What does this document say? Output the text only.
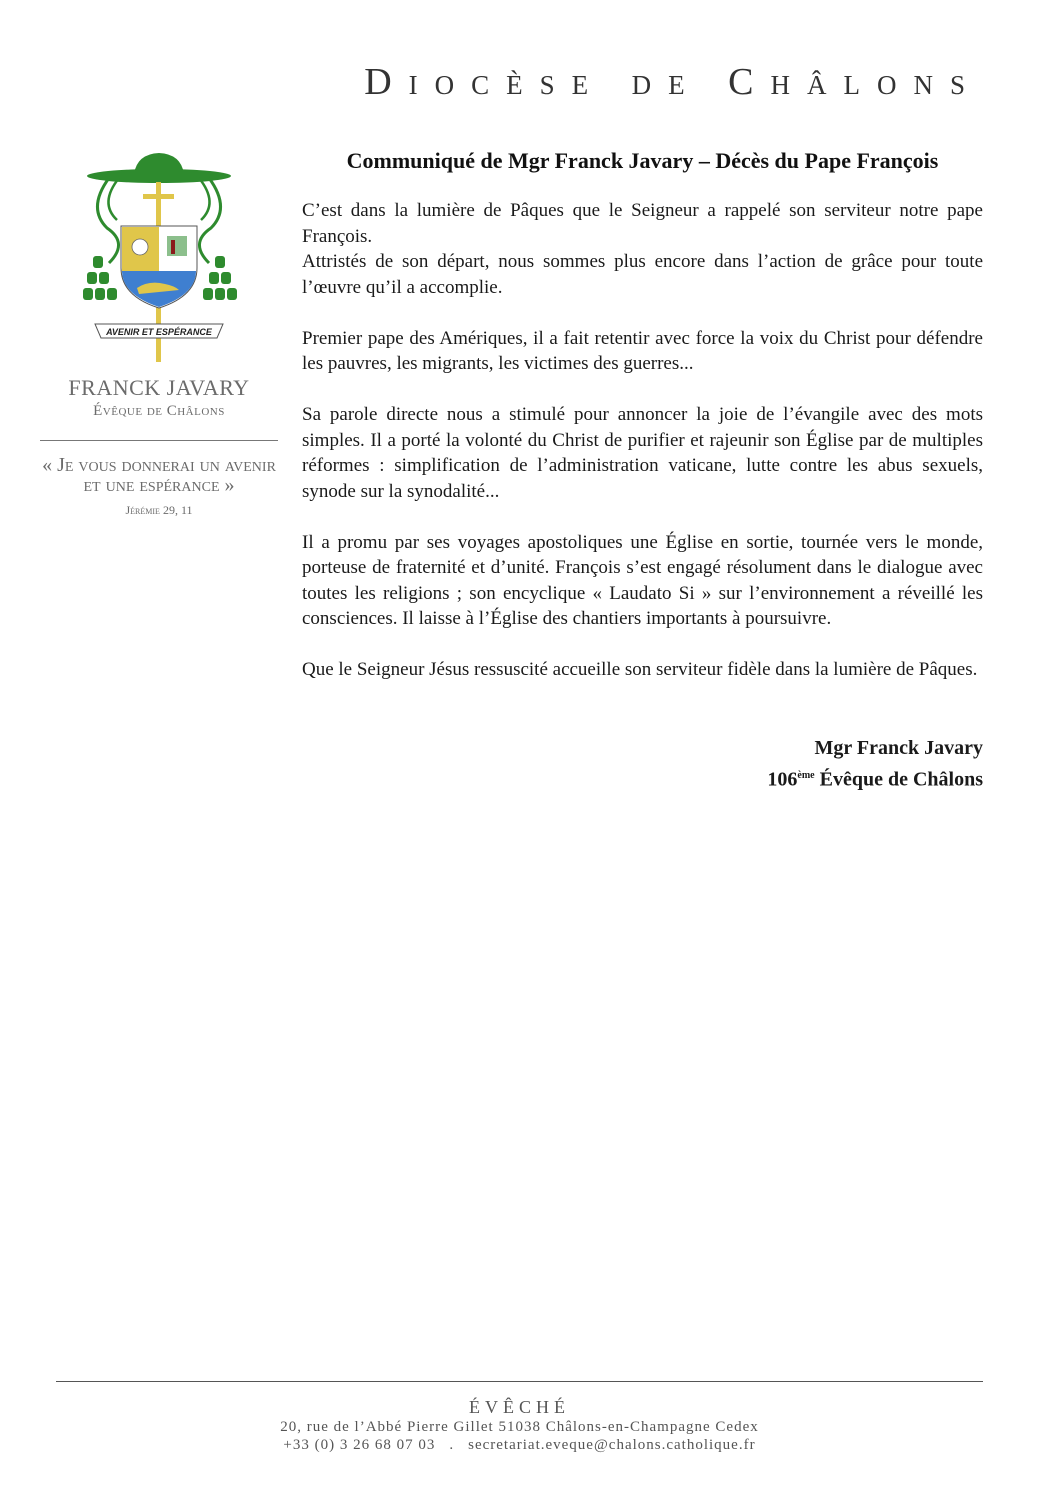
Diocèse de Châlons
AVENIR ET ESPÉRANCE
FRANCK JAVARY
Évêque de Châlons
« Je vous donnerai un avenir et une espérance »
Jérémie 29, 11
Communiqué de Mgr Franck Javary – Décès du Pape François

C’est dans la lumière de Pâques que le Seigneur a rappelé son serviteur notre pape François.
Attristés de son départ, nous sommes plus encore dans l’action de grâce pour toute l’œuvre qu’il a accomplie.

Premier pape des Amériques, il a fait retentir avec force la voix du Christ pour défendre les pauvres, les migrants, les victimes des guerres...

Sa parole directe nous a stimulé pour annoncer la joie de l’évangile avec des mots simples. Il a porté la volonté du Christ de purifier et rajeunir son Église par de multiples réformes : simplification de l’administration vaticane, lutte contre les abus sexuels, synode sur la synodalité...

Il a promu par ses voyages apostoliques une Église en sortie, tournée vers le monde, porteuse de fraternité et d’unité. François s’est engagé résolument dans le dialogue avec toutes les religions ; son encyclique « Laudato Si » sur l’environnement a réveillé les consciences. Il laisse à l’Église des chantiers importants à poursuivre.

Que le Seigneur Jésus ressuscité accueille son serviteur fidèle dans la lumière de Pâques.

Mgr Franck Javary
106ème Évêque de Châlons
ÉVÊCHÉ
20, rue de l’Abbé Pierre Gillet 51038 Châlons-en-Champagne Cedex
+33 (0) 3 26 68 07 03 . secretariat.eveque@chalons.catholique.fr
